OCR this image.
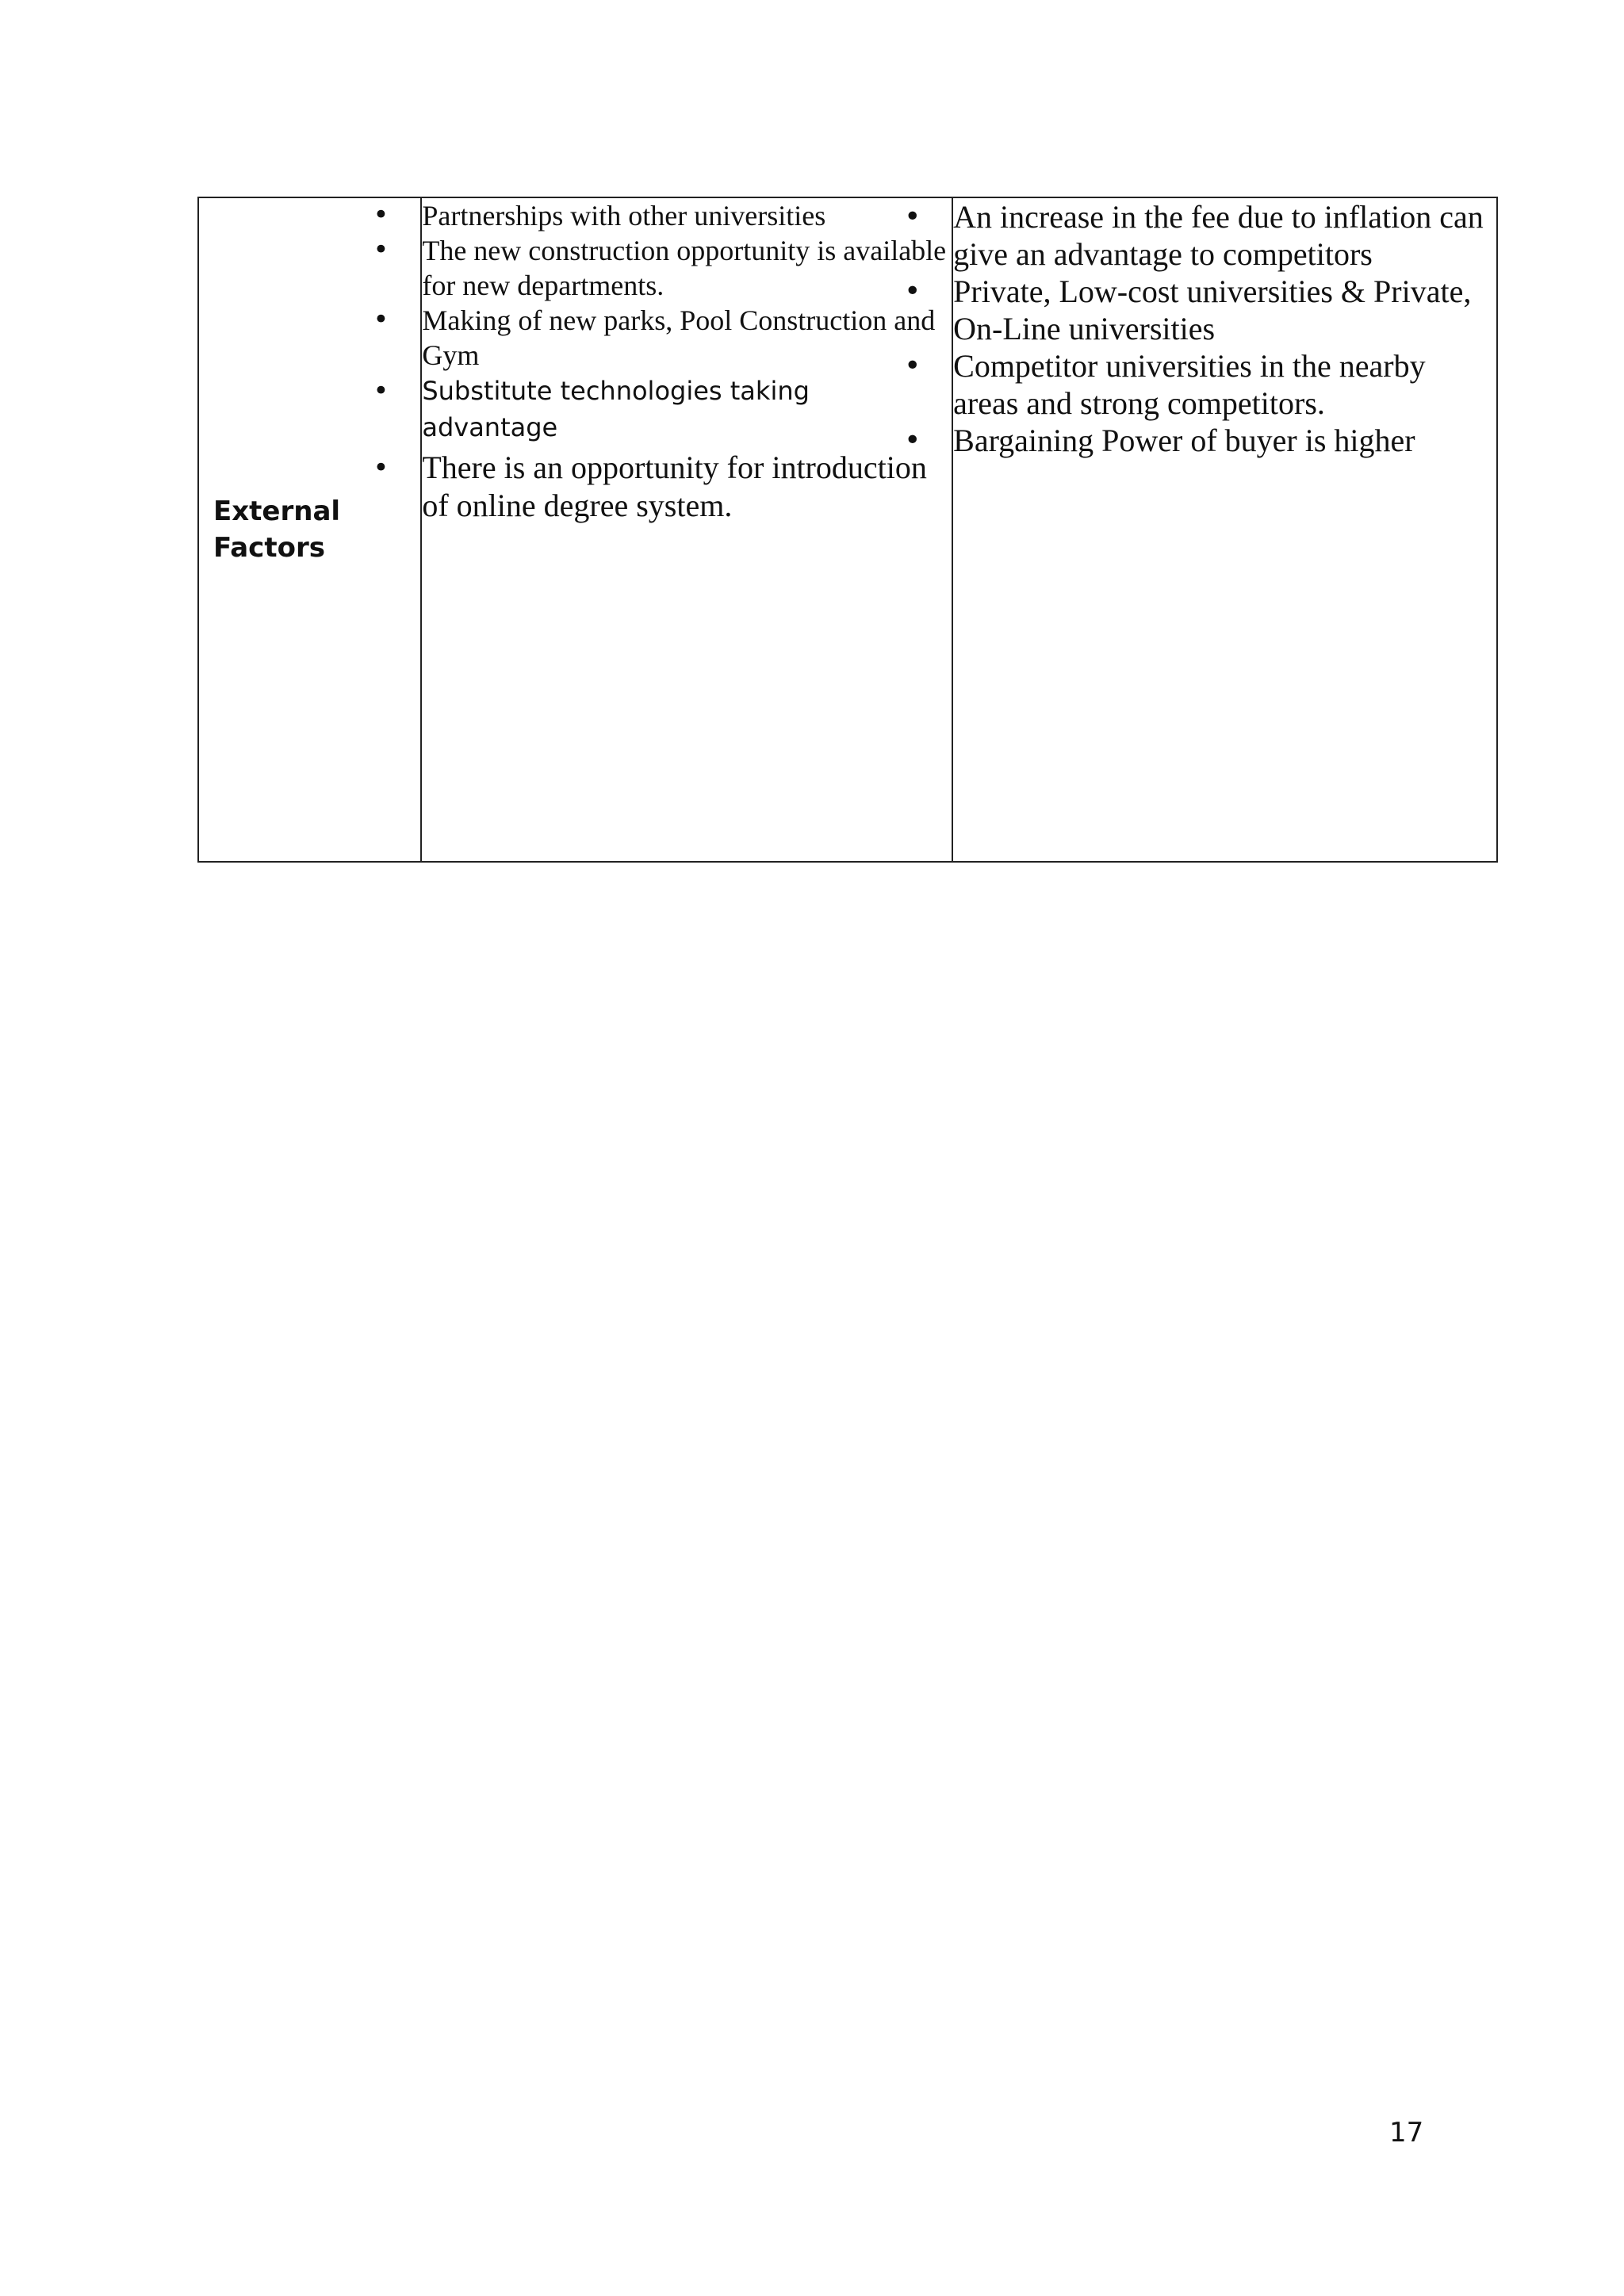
External Factors

• Partnerships with other universities
• The new construction opportunity is available for new departments.
• Making of new parks, Pool Construction and Gym
• Substitute technologies taking advantage
• There is an opportunity for introduction of online degree system.

• An increase in the fee due to inflation can give an advantage to competitors
• Private, Low-cost universities & Private, On-Line universities
• Competitor universities in the nearby areas and strong competitors.
• Bargaining Power of buyer is higher
17
